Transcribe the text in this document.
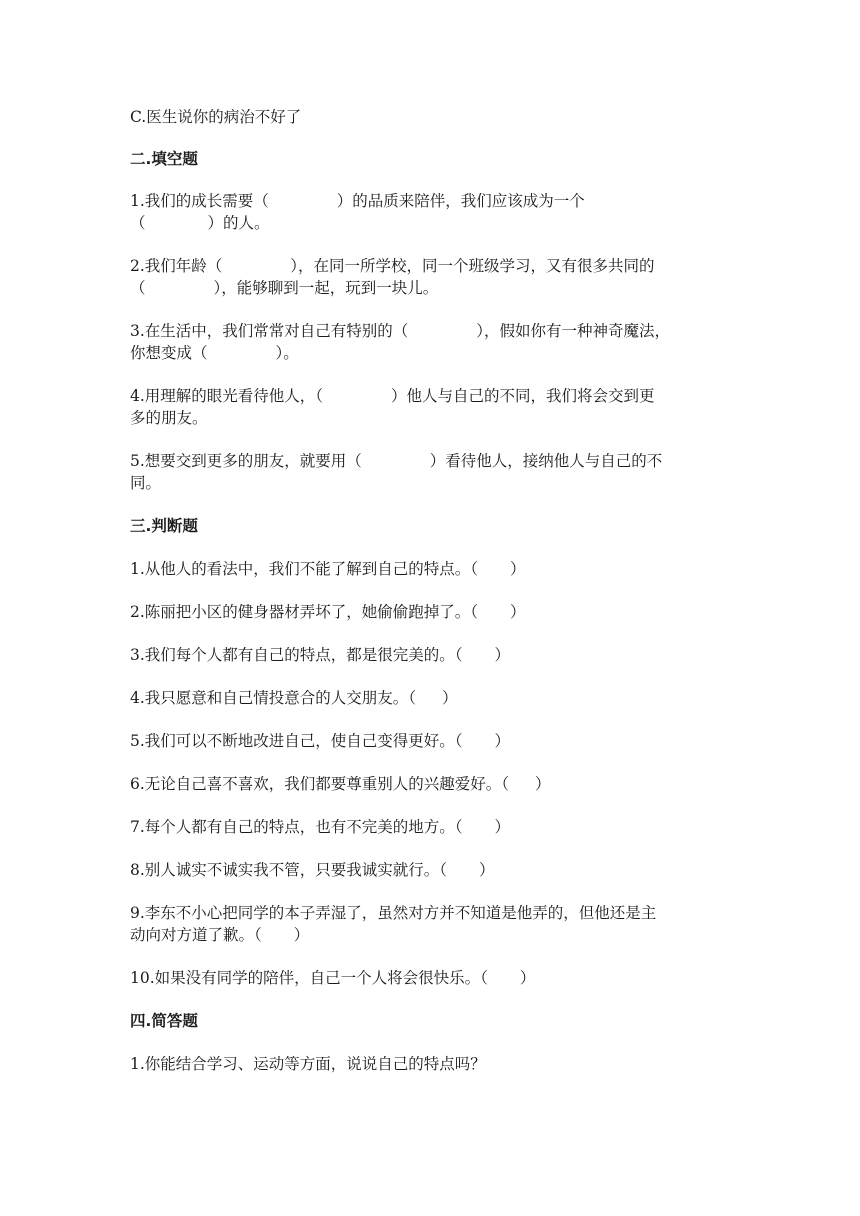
C.医生说你的病治不好了
二.填空题
1.我们的成长需要（	）的品质来陪伴，我们应该成为一个
（	）的人。
2.我们年龄（	），在同一所学校，同一个班级学习，又有很多共同的
（	），能够聊到一起，玩到一块儿。
3.在生活中，我们常常对自己有特别的（	），假如你有一种神奇魔法，
你想变成（	）。
4.用理解的眼光看待他人，（	）他人与自己的不同，我们将会交到更
多的朋友。
5.想要交到更多的朋友，就要用（	）看待他人，接纳他人与自己的不
同。
三.判断题
1.从他人的看法中，我们不能了解到自己的特点。（ ）
2.陈丽把小区的健身器材弄坏了，她偷偷跑掉了。（ ）
3.我们每个人都有自己的特点，都是很完美的。（ ）
4.我只愿意和自己情投意合的人交朋友。（ ）
5.我们可以不断地改进自己，使自己变得更好。（ ）
6.无论自己喜不喜欢，我们都要尊重别人的兴趣爱好。（ ）
7.每个人都有自己的特点，也有不完美的地方。（ ）
8.别人诚实不诚实我不管，只要我诚实就行。（ ）
9.李东不小心把同学的本子弄湿了，虽然对方并不知道是他弄的，但他还是主
动向对方道了歉。（ ）
10.如果没有同学的陪伴，自己一个人将会很快乐。（ ）
四.简答题
1.你能结合学习、运动等方面，说说自己的特点吗？
